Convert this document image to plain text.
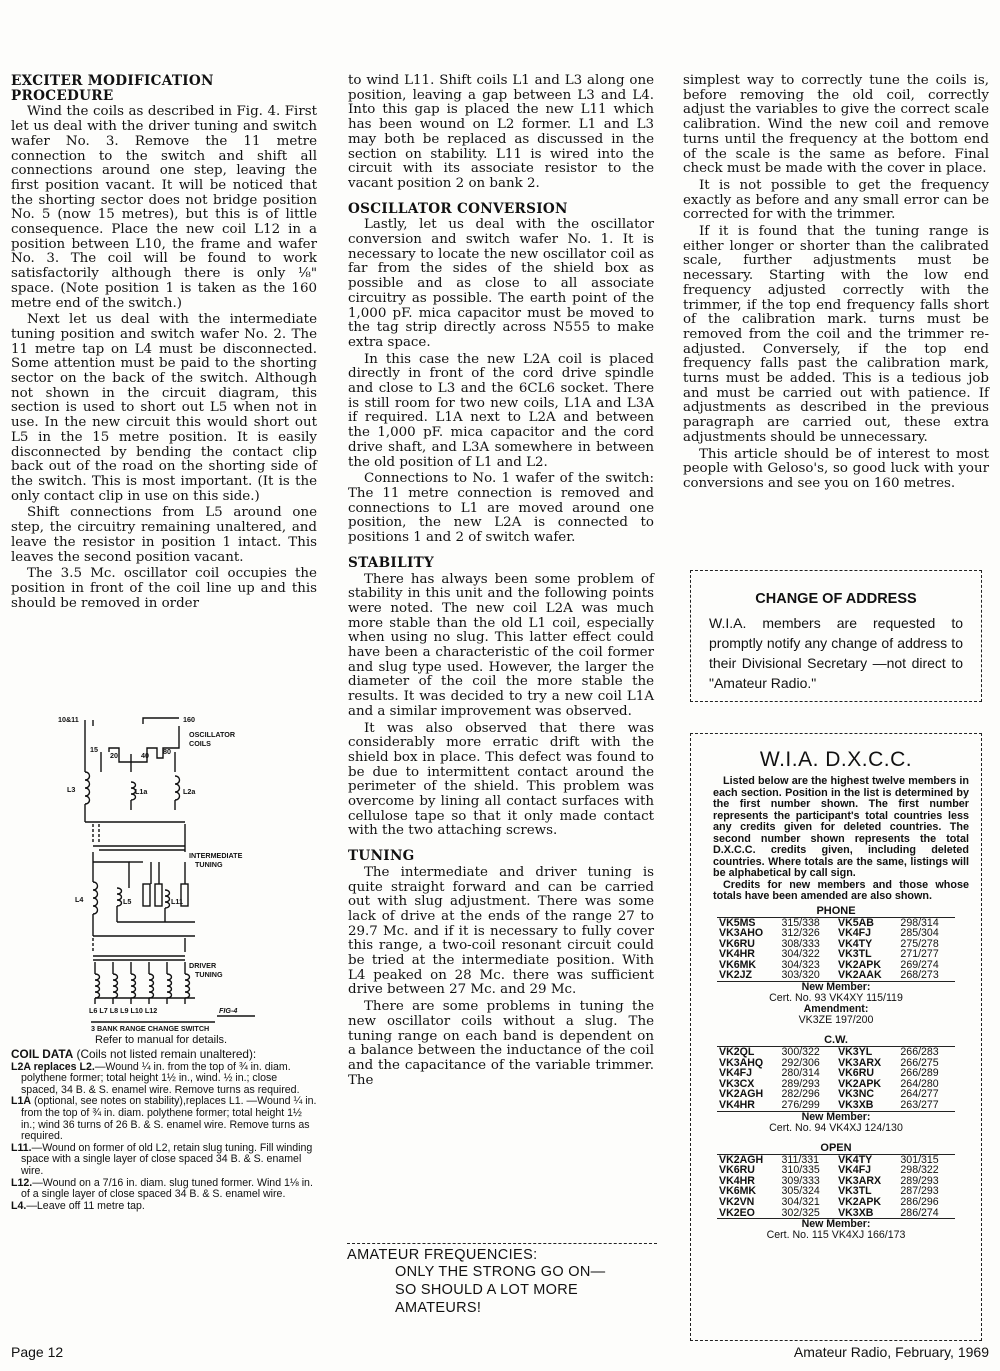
EXCITER MODIFICATION
PROCEDURE

Wind the coils as described in Fig. 4. First let us deal with the driver tuning and switch wafer No. 3. Remove the 11 metre connection to the switch and shift all connections around one step, leaving the first position vacant. It will be noticed that the shorting sector does not bridge position No. 5 (now 15 metres), but this is of little consequence. Place the new coil L12 in a position between L10, the frame and wafer No. 3. The coil will be found to work satisfactorily although there is only ⅛" space. (Note position 1 is taken as the 160 metre end of the switch.)

Next let us deal with the intermediate tuning position and switch wafer No. 2. The 11 metre tap on L4 must be disconnected. Some attention must be paid to the shorting sector on the back of the switch. Although not shown in the circuit diagram, this section is used to short out L5 when not in use. In the new circuit this would short out L5 in the 15 metre position. It is easily disconnected by bending the contact clip back out of the road on the shorting side of the switch. This is most important. (It is the only contact clip in use on this side.)

Shift connections from L5 around one step, the circuitry remaining unaltered, and leave the resistor in position 1 intact. This leaves the second position vacant.

The 3.5 Mc. oscillator coil occupies the position in front of the coil line up and this should be removed in order

10&11	160
OSCILLATOR
COILS
15
20	40 80
L3	L1a	L2a
INTERMEDIATE
TUNING
L4	L5	L11
DRIVER
TUNING
L6 L7 L8 L9 L10 L12	FIG-4
3 BANK RANGE CHANGE SWITCH
Refer to manual for details.
COIL DATA (Coils not listed remain unaltered):

L2A replaces L2.—Wound ¼ in. from the top of ¾ in. diam. polythene former; total height 1½ in., wind. ½ in.; close spaced, 34 B. & S. enamel wire. Remove turns as required.

L1A (optional, see notes on stability),replaces L1. —Wound ¼ in. from the top of ¾ in. diam. polythene former; total height 1½ in.; wind 36 turns of 26 B. & S. enamel wire. Remove turns as required.

L11.—Wound on former of old L2, retain slug tuning. Fill winding space with a single layer of close spaced 34 B. & S. enamel wire.

L12.—Wound on a 7/16 in. diam. slug tuned former. Wind 1⅛ in. of a single layer of close spaced 34 B. & S. enamel wire.

L4.—Leave off 11 metre tap.

to wind L11. Shift coils L1 and L3 along one position, leaving a gap between L3 and L4. Into this gap is placed the new L11 which has been wound on L2 former. L1 and L3 may both be replaced as discussed in the section on stability. L11 is wired into the circuit with its associate resistor to the vacant position 2 on bank 2.

OSCILLATOR CONVERSION

Lastly, let us deal with the oscillator conversion and switch wafer No. 1. It is necessary to locate the new oscillator coil as far from the sides of the shield box as possible and as close to all associate circuitry as possible. The earth point of the 1,000 pF. mica capacitor must be moved to the tag strip directly across N555 to make extra space.

In this case the new L2A coil is placed directly in front of the cord drive spindle and close to L3 and the 6CL6 socket. There is still room for two new coils, L1A and L3A if required. L1A next to L2A and between the 1,000 pF. mica capacitor and the cord drive shaft, and L3A somewhere in between the old position of L1 and L2.

Connections to No. 1 wafer of the switch: The 11 metre connection is removed and connections to L1 are moved around one position, the new L2A is connected to positions 1 and 2 of switch wafer.

STABILITY

There has always been some problem of stability in this unit and the following points were noted. The new coil L2A was much more stable than the old L1 coil, especially when using no slug. This latter effect could have been a characteristic of the coil former and slug type used. However, the larger the diameter of the coil the more stable the results. It was decided to try a new coil L1A and a similar improvement was observed.

It was also observed that there was considerably more erratic drift with the shield box in place. This defect was found to be due to intermittent contact around the perimeter of the shield. This problem was overcome by lining all contact surfaces with cellulose tape so that it only made contact with the two attaching screws.

TUNING

The intermediate and driver tuning is quite straight forward and can be carried out with slug adjustment. There was some lack of drive at the ends of the range 27 to 29.7 Mc. and if it is necessary to fully cover this range, a two-coil resonant circuit could be tried at the intermediate position. With L4 peaked on 28 Mc. there was sufficient drive between 27 Mc. and 29 Mc.

There are some problems in tuning the new oscillator coils without a slug. The tuning range on each band is dependent on a balance between the inductance of the coil and the capacitance of the variable trimmer. The

AMATEUR FREQUENCIES:
ONLY THE STRONG GO ON—
SO SHOULD A LOT MORE
AMATEURS!

simplest way to correctly tune the coils is, before removing the old coil, correctly adjust the variables to give the correct scale calibration. Wind the new coil and remove turns until the frequency at the bottom end of the scale is the same as before. Final check must be made with the cover in place.

It is not possible to get the frequency exactly as before and any small error can be corrected for with the trimmer.

If it is found that the tuning range is either longer or shorter than the calibrated scale, further adjustments must be necessary. Starting with the low end frequency adjusted correctly with the trimmer, if the top end frequency falls short of the calibration mark. turns must be removed from the coil and the trimmer re-adjusted. Conversely, if the top end frequency falls past the calibration mark, turns must be added. This is a tedious job and must be carried out with patience. If adjustments as described in the previous paragraph are carried out, these extra adjustments should be unnecessary.

This article should be of interest to most people with Geloso's, so good luck with your conversions and see you on 160 metres.

CHANGE OF ADDRESS
W.I.A. members are requested to promptly notify any change of address to their Divisional Secretary —not direct to "Amateur Radio."
W.I.A. D.X.C.C.

Listed below are the highest twelve members in each section. Position in the list is determined by the first number shown. The first number represents the participant's total countries less any credits given for deleted countries. The second number shown represents the total D.X.C.C. credits given, including deleted countries. Where totals are the same, listings will be alphabetical by call sign.

Credits for new members and those whose totals have been amended are also shown.

PHONE
VK5MS	315/338	VK5AB	298/314
VK3AHO	312/326	VK4FJ	285/304
VK6RU	308/333	VK4TY	275/278
VK4HR	304/322	VK3TL	271/277
VK6MK	304/323	VK2APK	269/274
VK2JZ	303/320	VK2AAK	268/273
New Member:
Cert. No. 93 VK4XY 115/119
Amendment:
VK3ZE 197/200
C.W.
VK2QL	300/322	VK3YL	266/283
VK3AHQ	292/306	VK3ARX	266/275
VK4FJ	280/314	VK6RU	266/289
VK3CX	289/293	VK2APK	264/280
VK2AGH	282/296	VK3NC	264/277
VK4HR	276/299	VK3XB	263/277
New Member:
Cert. No. 94 VK4XJ 124/130
OPEN
VK2AGH	311/331	VK4TY	301/315
VK6RU	310/335	VK4FJ	298/322
VK4HR	309/333	VK3ARX	289/293
VK6MK	305/324	VK3TL	287/293
VK2VN	304/321	VK2APK	286/296
VK2EO	302/325	VK3XB	286/274
New Member:
Cert. No. 115 VK4XJ 166/173
Page 12	Amateur Radio, February, 1969
